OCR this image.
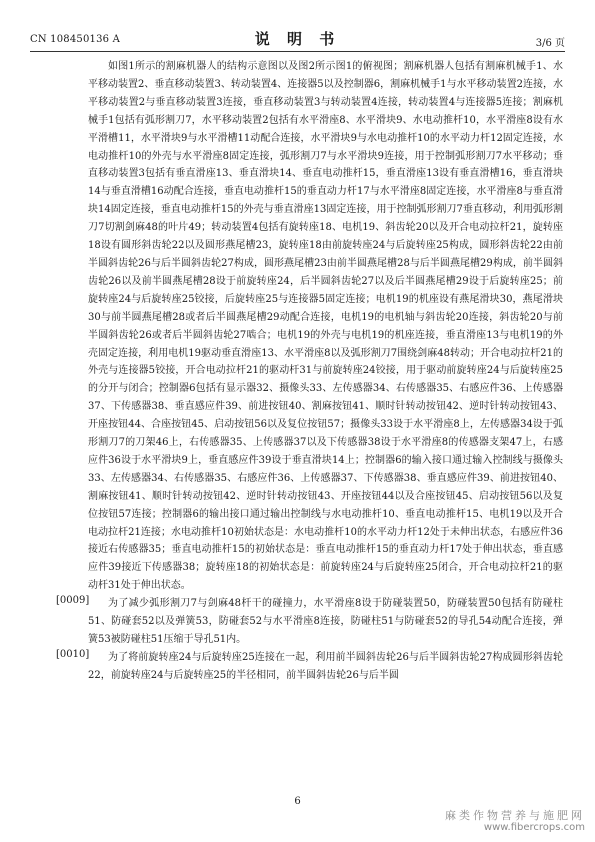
CN 108450136 A	说 明 书	3/6 页

如图1所示的割麻机器人的结构示意图以及图2所示图1的俯视图；割麻机器人包括有割麻机械手1、水平移动装置2、垂直移动装置3、转动装置4、连接器5以及控制器6，割麻机械手1与水平移动装置2连接，水平移动装置2与垂直移动装置3连接，垂直移动装置3与转动装置4连接，转动装置4与连接器5连接；割麻机械手1包括有弧形割刀7，水平移动装置2包括有水平滑座8、水平滑块9、水电动推杆10，水平滑座8设有水平滑槽11，水平滑块9与水平滑槽11动配合连接，水平滑块9与水电动推杆10的水平动力杆12固定连接，水电动推杆10的外壳与水平滑座8固定连接，弧形割刀7与水平滑块9连接，用于控制弧形割刀7水平移动；垂直移动装置3包括有垂直滑座13、垂直滑块14、垂直电动推杆15，垂直滑座13设有垂直滑槽16，垂直滑块14与垂直滑槽16动配合连接，垂直电动推杆15的垂直动力杆17与水平滑座8固定连接，水平滑座8与垂直滑块14固定连接，垂直电动推杆15的外壳与垂直滑座13固定连接，用于控制弧形割刀7垂直移动，利用弧形割刀7切割剑麻48的叶片49；转动装置4包括有旋转座18、电机19、斜齿轮20以及开合电动拉杆21，旋转座18设有圆形斜齿轮22以及圆形燕尾槽23，旋转座18由前旋转座24与后旋转座25构成，圆形斜齿轮22由前半圆斜齿轮26与后半圆斜齿轮27构成，圆形燕尾槽23由前半圆燕尾槽28与后半圆燕尾槽29构成，前半圆斜齿轮26以及前半圆燕尾槽28设于前旋转座24，后半圆斜齿轮27以及后半圆燕尾槽29设于后旋转座25；前旋转座24与后旋转座25铰接，后旋转座25与连接器5固定连接；电机19的机座设有燕尾滑块30，燕尾滑块30与前半圆燕尾槽28或者后半圆燕尾槽29动配合连接，电机19的电机轴与斜齿轮20连接，斜齿轮20与前半圆斜齿轮26或者后半圆斜齿轮27啮合；电机19的外壳与电机19的机座连接，垂直滑座13与电机19的外壳固定连接，利用电机19驱动垂直滑座13、水平滑座8以及弧形割刀7围绕剑麻48转动；开合电动拉杆21的外壳与连接器5铰接，开合电动拉杆21的驱动杆31与前旋转座24铰接，用于驱动前旋转座24与后旋转座25的分开与闭合；控制器6包括有显示器32、摄像头33、左传感器34、右传感器35、右感应件36、上传感器37、下传感器38、垂直感应件39、前进按钮40、割麻按钮41、顺时针转动按钮42、逆时针转动按钮43、开座按钮44、合座按钮45、启动按钮56以及复位按钮57；摄像头33设于水平滑座8上，左传感器34设于弧形割刀7的刀架46上，右传感器35、上传感器37以及下传感器38设于水平滑座8的传感器支架47上，右感应件36设于水平滑块9上，垂直感应件39设于垂直滑块14上；控制器6的输入接口通过输入控制线与摄像头33、左传感器34、右传感器35、右感应件36、上传感器37、下传感器38、垂直感应件39、前进按钮40、割麻按钮41、顺时针转动按钮42、逆时针转动按钮43、开座按钮44以及合座按钮45、启动按钮56以及复位按钮57连接；控制器6的输出接口通过输出控制线与水电动推杆10、垂直电动推杆15、电机19以及开合电动拉杆21连接；水电动推杆10初始状态是：水电动推杆10的水平动力杆12处于未伸出状态，右感应件36接近右传感器35；垂直电动推杆15的初始状态是：垂直电动推杆15的垂直动力杆17处于伸出状态，垂直感应件39接近下传感器38；旋转座18的初始状态是：前旋转座24与后旋转座25闭合，开合电动拉杆21的驱动杆31处于伸出状态。

为了减少弧形割刀7与剑麻48杆干的碰撞力，水平滑座8设于防碰装置50，防碰装置50包括有防碰柱51、防碰套52以及弹簧53，防碰套52与水平滑座8连接，防碰柱51与防碰套52的导孔54动配合连接，弹簧53被防碰柱51压缩于导孔51内。

为了将前旋转座24与后旋转座25连接在一起，利用前半圆斜齿轮26与后半圆斜齿轮27构成圆形斜齿轮22，前旋转座24与后旋转座25的半径相同，前半圆斜齿轮26与后半圆

[0009]
[0010]
6
麻类作物营养与施肥网
www.fibercrops.com
